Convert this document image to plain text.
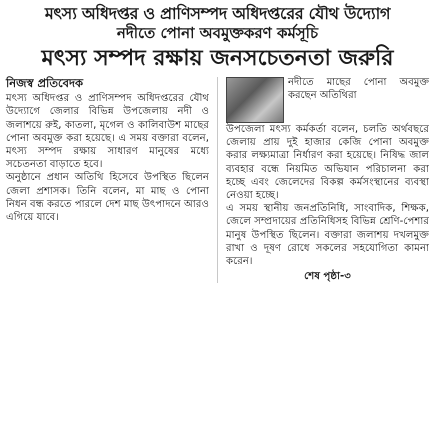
মৎস্য অধিদপ্তর ও প্রাণিসম্পদ অধিদপ্তরের যৌথ উদ্যোগ
নদীতে পোনা অবমুক্তকরণ কর্মসূচি
মৎস্য সম্পদ রক্ষায় জনসচেতনতা জরুরি
নিজস্ব প্রতিবেদক

মৎস্য অধিদপ্তর ও প্রাণিসম্পদ অধিদপ্তরের যৌথ উদ্যোগে জেলার বিভিন্ন উপজেলায় নদী ও জলাশয়ে রুই, কাতলা, মৃগেল ও কালিবাউশ মাছের পোনা অবমুক্ত করা হয়েছে। এ সময় বক্তারা বলেন, মৎস্য সম্পদ রক্ষায় সাধারণ মানুষের মধ্যে সচেতনতা বাড়াতে হবে।

অনুষ্ঠানে প্রধান অতিথি হিসেবে উপস্থিত ছিলেন জেলা প্রশাসক। তিনি বলেন, মা মাছ ও পোনা নিধন বন্ধ করতে পারলে দেশ মাছ উৎপাদনে আরও এগিয়ে যাবে।

নদীতে মাছের পোনা অবমুক্ত করছেন অতিথিরা

উপজেলা মৎস্য কর্মকর্তা বলেন, চলতি অর্থবছরে জেলায় প্রায় দুই হাজার কেজি পোনা অবমুক্ত করার লক্ষ্যমাত্রা নির্ধারণ করা হয়েছে। নিষিদ্ধ জাল ব্যবহার বন্ধে নিয়মিত অভিযান পরিচালনা করা হচ্ছে এবং জেলেদের বিকল্প কর্মসংস্থানের ব্যবস্থা নেওয়া হচ্ছে।

এ সময় স্থানীয় জনপ্রতিনিধি, সাংবাদিক, শিক্ষক, জেলে সম্প্রদায়ের প্রতিনিধিসহ বিভিন্ন শ্রেণি-পেশার মানুষ উপস্থিত ছিলেন। বক্তারা জলাশয় দখলমুক্ত রাখা ও দূষণ রোধে সকলের সহযোগিতা কামনা করেন।

শেষ পৃষ্ঠা-৩
